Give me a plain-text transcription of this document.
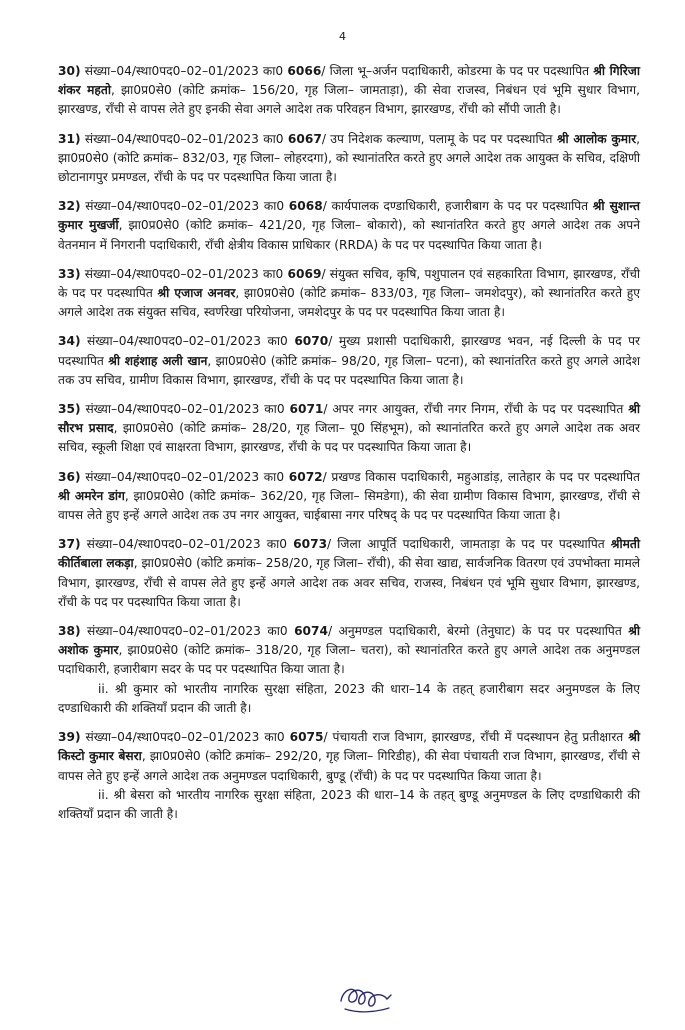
4

30) संख्या–04/स्था0पद0–02–01/2023 का0 6066/ जिला भू–अर्जन पदाधिकारी, कोडरमा के पद पर पदस्थापित श्री गिरिजा शंकर महतो, झा0प्र0से0 (कोटि क्रमांक– 156/20, गृह जिला– जामताड़ा), की सेवा राजस्व, निबंधन एवं भूमि सुधार विभाग, झारखण्ड, राँची से वापस लेते हुए इनकी सेवा अगले आदेश तक परिवहन विभाग, झारखण्ड, राँची को सौंपी जाती है।

31) संख्या–04/स्था0पद0–02–01/2023 का0 6067/ उप निदेशक कल्याण, पलामू के पद पर पदस्थापित श्री आलोक कुमार, झा0प्र0से0 (कोटि क्रमांक– 832/03, गृह जिला– लोहरदगा), को स्थानांतरित करते हुए अगले आदेश तक आयुक्त के सचिव, दक्षिणी छोटानागपुर प्रमण्डल, राँची के पद पर पदस्थापित किया जाता है।

32) संख्या–04/स्था0पद0–02–01/2023 का0 6068/ कार्यपालक दण्डाधिकारी, हजारीबाग के पद पर पदस्थापित श्री सुशान्त कुमार मुखर्जी, झा0प्र0से0 (कोटि क्रमांक– 421/20, गृह जिला– बोकारो), को स्थानांतरित करते हुए अगले आदेश तक अपने वेतनमान में निगरानी पदाधिकारी, राँची क्षेत्रीय विकास प्राधिकार (RRDA) के पद पर पदस्थापित किया जाता है।

33) संख्या–04/स्था0पद0–02–01/2023 का0 6069/ संयुक्त सचिव, कृषि, पशुपालन एवं सहकारिता विभाग, झारखण्ड, राँची के पद पर पदस्थापित श्री एजाज अनवर, झा0प्र0से0 (कोटि क्रमांक– 833/03, गृह जिला– जमशेदपुर), को स्थानांतरित करते हुए अगले आदेश तक संयुक्त सचिव, स्वर्णरेखा परियोजना, जमशेदपुर के पद पर पदस्थापित किया जाता है।

34) संख्या–04/स्था0पद0–02–01/2023 का0 6070/ मुख्य प्रशासी पदाधिकारी, झारखण्ड भवन, नई दिल्ली के पद पर पदस्थापित श्री शहंशाह अली खान, झा0प्र0से0 (कोटि क्रमांक– 98/20, गृह जिला– पटना), को स्थानांतरित करते हुए अगले आदेश तक उप सचिव, ग्रामीण विकास विभाग, झारखण्ड, राँची के पद पर पदस्थापित किया जाता है।

35) संख्या–04/स्था0पद0–02–01/2023 का0 6071/ अपर नगर आयुक्त, राँची नगर निगम, राँची के पद पर पदस्थापित श्री सौरभ प्रसाद, झा0प्र0से0 (कोटि क्रमांक– 28/20, गृह जिला– पू0 सिंहभूम), को स्थानांतरित करते हुए अगले आदेश तक अवर सचिव, स्कूली शिक्षा एवं साक्षरता विभाग, झारखण्ड, राँची के पद पर पदस्थापित किया जाता है।

36) संख्या–04/स्था0पद0–02–01/2023 का0 6072/ प्रखण्ड विकास पदाधिकारी, महुआडांड़, लातेहार के पद पर पदस्थापित श्री अमरेन डांग, झा0प्र0से0 (कोटि क्रमांक– 362/20, गृह जिला– सिमडेगा), की सेवा ग्रामीण विकास विभाग, झारखण्ड, राँची से वापस लेते हुए इन्हें अगले आदेश तक उप नगर आयुक्त, चाईबासा नगर परिषद् के पद पर पदस्थापित किया जाता है।

37) संख्या–04/स्था0पद0–02–01/2023 का0 6073/ जिला आपूर्ति पदाधिकारी, जामताड़ा के पद पर पदस्थापित श्रीमती कीर्तिबाला लकड़ा, झा0प्र0से0 (कोटि क्रमांक– 258/20, गृह जिला– राँची), की सेवा खाद्य, सार्वजनिक वितरण एवं उपभोक्ता मामले विभाग, झारखण्ड, राँची से वापस लेते हुए इन्हें अगले आदेश तक अवर सचिव, राजस्व, निबंधन एवं भूमि सुधार विभाग, झारखण्ड, राँची के पद पर पदस्थापित किया जाता है।

38) संख्या–04/स्था0पद0–02–01/2023 का0 6074/ अनुमण्डल पदाधिकारी, बेरमो (तेनुघाट) के पद पर पदस्थापित श्री अशोक कुमार, झा0प्र0से0 (कोटि क्रमांक– 318/20, गृह जिला– चतरा), को स्थानांतरित करते हुए अगले आदेश तक अनुमण्डल पदाधिकारी, हजारीबाग सदर के पद पर पदस्थापित किया जाता है।

ii. श्री कुमार को भारतीय नागरिक सुरक्षा संहिता, 2023 की धारा–14 के तहत् हजारीबाग सदर अनुमण्डल के लिए दण्डाधिकारी की शक्तियाँ प्रदान की जाती है।

39) संख्या–04/स्था0पद0–02–01/2023 का0 6075/ पंचायती राज विभाग, झारखण्ड, राँची में पदस्थापन हेतु प्रतीक्षारत श्री किस्टो कुमार बेसरा, झा0प्र0से0 (कोटि क्रमांक– 292/20, गृह जिला– गिरिडीह), की सेवा पंचायती राज विभाग, झारखण्ड, राँची से वापस लेते हुए इन्हें अगले आदेश तक अनुमण्डल पदाधिकारी, बुण्डू (राँची) के पद पर पदस्थापित किया जाता है।

ii. श्री बेसरा को भारतीय नागरिक सुरक्षा संहिता, 2023 की धारा–14 के तहत् बुण्डू अनुमण्डल के लिए दण्डाधिकारी की शक्तियाँ प्रदान की जाती है।
